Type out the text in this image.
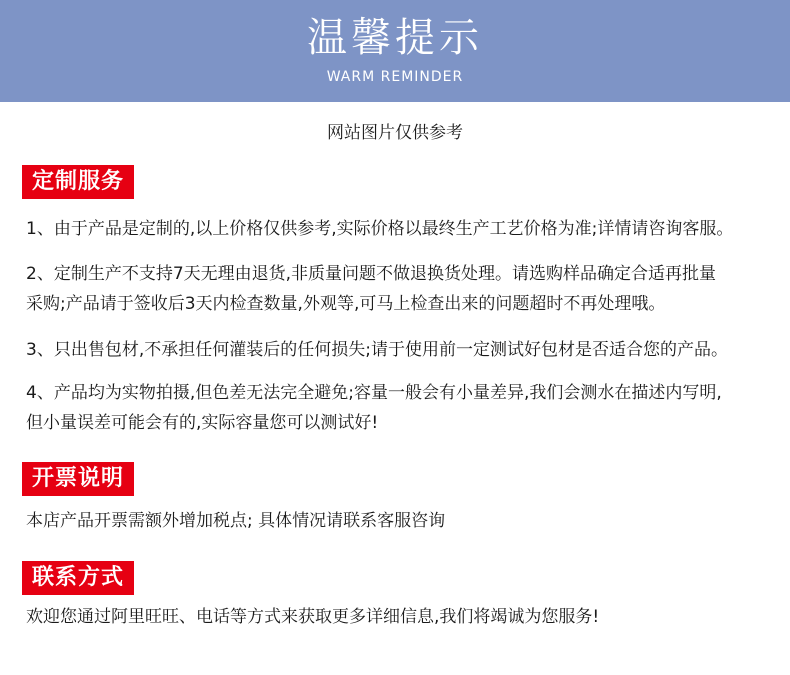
温馨提示
WARM REMINDER
网站图片仅供参考
定制服务
1、由于产品是定制的,以上价格仅供参考,实际价格以最终生产工艺价格为准;详情请咨询客服。
2、定制生产不支持7天无理由退货,非质量问题不做退换货处理。请选购样品确定合适再批量
采购;产品请于签收后3天内检查数量,外观等,可马上检查出来的问题超时不再处理哦。
3、只出售包材,不承担任何灌装后的任何损失;请于使用前一定测试好包材是否适合您的产品。
4、产品均为实物拍摄,但色差无法完全避免;容量一般会有小量差异,我们会测水在描述内写明,
但小量误差可能会有的,实际容量您可以测试好!
开票说明
本店产品开票需额外增加税点; 具体情况请联系客服咨询
联系方式
欢迎您通过阿里旺旺、电话等方式来获取更多详细信息,我们将竭诚为您服务!
